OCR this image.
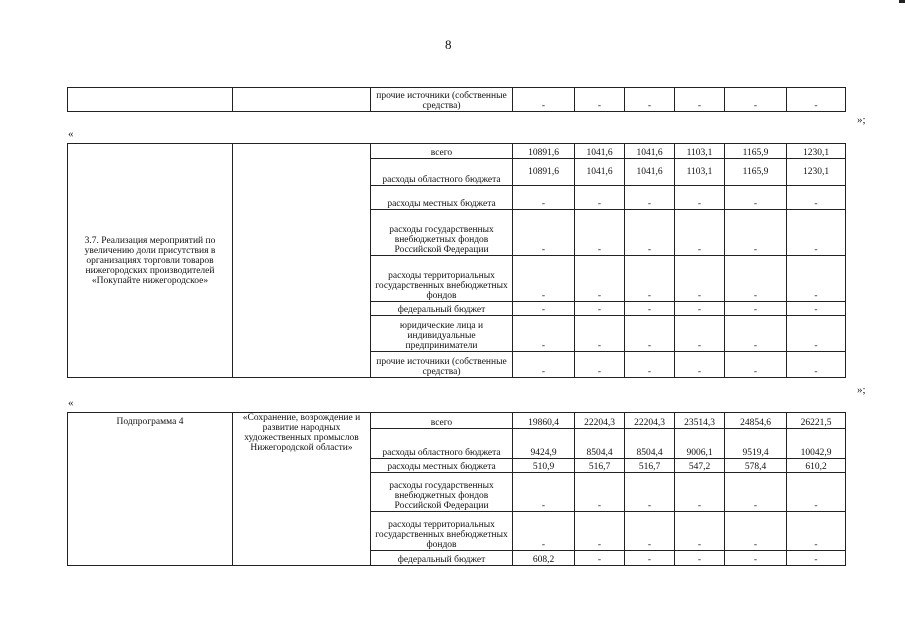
8
		прочие источники (собственные средства)	-	-	-	-	-	-
«
»;
3.7. Реализация мероприятий по увеличению доли присутствия в организациях торговли товаров нижегородских производителей «Покупайте нижегородское»		всего	10891,6	1041,6	1041,6	1103,1	1165,9	1230,1
		расходы областного бюджета	10891,6	1041,6	1041,6	1103,1	1165,9	1230,1
		расходы местных бюджета	-	-	-	-	-	-
		расходы государственных внебюджетных фондов Российской Федерации	-	-	-	-	-	-
		расходы территориальных государственных внебюджетных фондов	-	-	-	-	-	-
		федеральный бюджет	-	-	-	-	-	-
		юридические лица и индивидуальные предприниматели	-	-	-	-	-	-
		прочие источники (собственные средства)	-	-	-	-	-	-
«
»;
Подпрограмма 4	«Сохранение, возрождение и развитие народных художественных промыслов Нижегородской области»	всего	19860,4	22204,3	22204,3	23514,3	24854,6	26221,5
		расходы областного бюджета	9424,9	8504,4	8504,4	9006,1	9519,4	10042,9
		расходы местных бюджета	510,9	516,7	516,7	547,2	578,4	610,2
		расходы государственных внебюджетных фондов Российской Федерации	-	-	-	-	-	-
		расходы территориальных государственных внебюджетных фондов	-	-	-	-	-	-
		федеральный бюджет	608,2	-	-	-	-	-
